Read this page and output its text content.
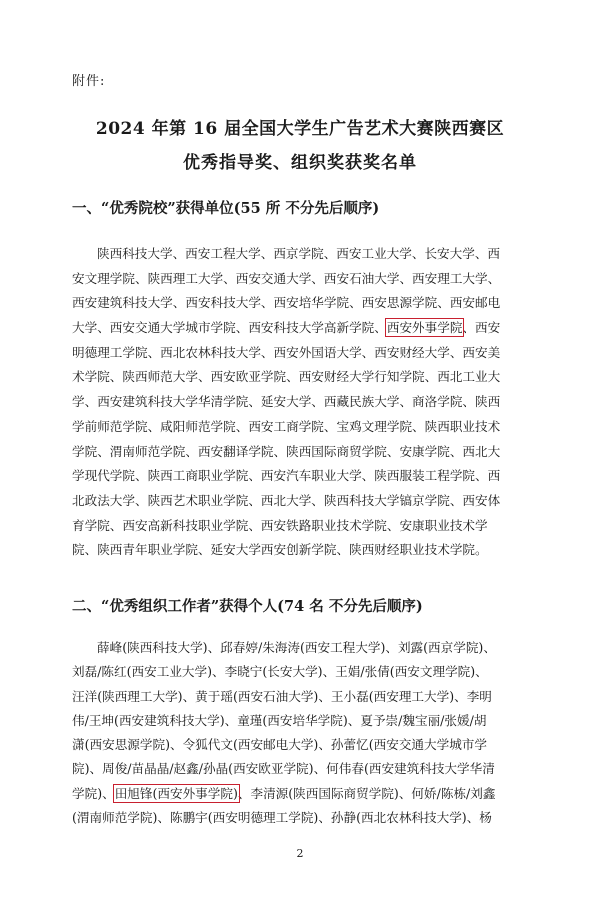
附件:
2024 年第 16 届全国大学生广告艺术大赛陕西赛区
优秀指导奖、组织奖获奖名单
一、“优秀院校”获得单位(55 所 不分先后顺序)
陕西科技大学、西安工程大学、西京学院、西安工业大学、长安大学、西
安文理学院、陕西理工大学、西安交通大学、西安石油大学、西安理工大学、
西安建筑科技大学、西安科技大学、西安培华学院、西安思源学院、西安邮电
大学、西安交通大学城市学院、西安科技大学高新学院、西安外事学院、西安
明德理工学院、西北农林科技大学、西安外国语大学、西安财经大学、西安美
术学院、陕西师范大学、西安欧亚学院、西安财经大学行知学院、西北工业大
学、西安建筑科技大学华清学院、延安大学、西藏民族大学、商洛学院、陕西
学前师范学院、咸阳师范学院、西安工商学院、宝鸡文理学院、陕西职业技术
学院、渭南师范学院、西安翻译学院、陕西国际商贸学院、安康学院、西北大
学现代学院、陕西工商职业学院、西安汽车职业大学、陕西服装工程学院、西
北政法大学、陕西艺术职业学院、西北大学、陕西科技大学镐京学院、西安体
育学院、西安高新科技职业学院、西安铁路职业技术学院、安康职业技术学
院、陕西青年职业学院、延安大学西安创新学院、陕西财经职业技术学院。
二、“优秀组织工作者”获得个人(74 名 不分先后顺序)
薛峰(陕西科技大学)、邱春婷/朱海涛(西安工程大学)、刘露(西京学院)、
刘磊/陈红(西安工业大学)、李晓宁(长安大学)、王娟/张倩(西安文理学院)、
汪洋(陕西理工大学)、黄于瑶(西安石油大学)、王小磊(西安理工大学)、李明
伟/王坤(西安建筑科技大学)、童瑾(西安培华学院)、夏予崇/魏宝丽/张媛/胡
潇(西安思源学院)、令狐代文(西安邮电大学)、孙蕾忆(西安交通大学城市学
院)、周俊/苗晶晶/赵鑫/孙晶(西安欧亚学院)、何伟春(西安建筑科技大学华清
学院)、田旭锋(西安外事学院)、李清源(陕西国际商贸学院)、何娇/陈栋/刘鑫
(渭南师范学院)、陈鹏宇(西安明德理工学院)、孙静(西北农林科技大学)、杨
2
